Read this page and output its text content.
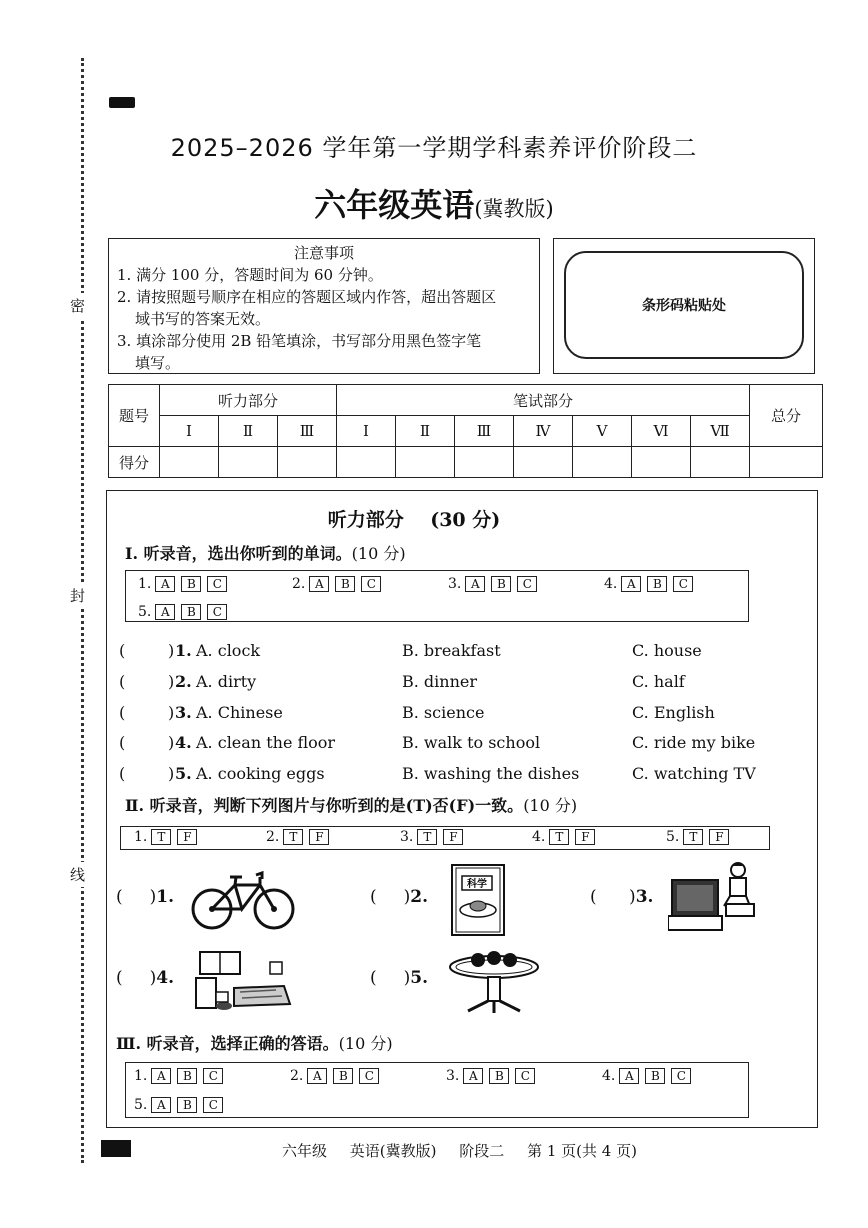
密
封
线
2025–2026 学年第一学期学科素养评价阶段二
六年级英语(冀教版)
注意事项
1. 满分 100 分，答题时间为 60 分钟。
2. 请按照题号顺序在相应的答题区域内作答，超出答题区
域书写的答案无效。
3. 填涂部分使用 2B 铅笔填涂，书写部分用黑色签字笔
填写。
条形码粘贴处
题号	听力部分			笔试部分							总分
	Ⅰ	Ⅱ	Ⅲ	Ⅰ	Ⅱ	Ⅲ	Ⅳ	Ⅴ	Ⅵ	Ⅶ	
得分											
听力部分 (30 分)
Ⅰ. 听录音，选出你听到的单词。(10 分)
1. A B C	2. A B C	3. A B C	4. A B C
5. A B C
(	) 1. A. clock	B. breakfast	C. house
(	) 2. A. dirty	B. dinner	C. half
(	) 3. A. Chinese	B. science	C. English
(	) 4. A. clean the floor	B. walk to school	C. ride my bike
(	) 5. A. cooking eggs	B. washing the dishes	C. watching TV
Ⅱ. 听录音，判断下列图片与你听到的是(T)否(F)一致。(10 分)
1. T F	2. T F	3. T F	4. T F	5. T F
(     )1.	(     )2.	(      )3.
(     )4.	(     )5.
科学
Ⅲ. 听录音，选择正确的答语。(10 分)
1. A B C	2. A B C	3. A B C	4. A B C
5. A B C
六年级 英语(冀教版) 阶段二 第 1 页(共 4 页)
